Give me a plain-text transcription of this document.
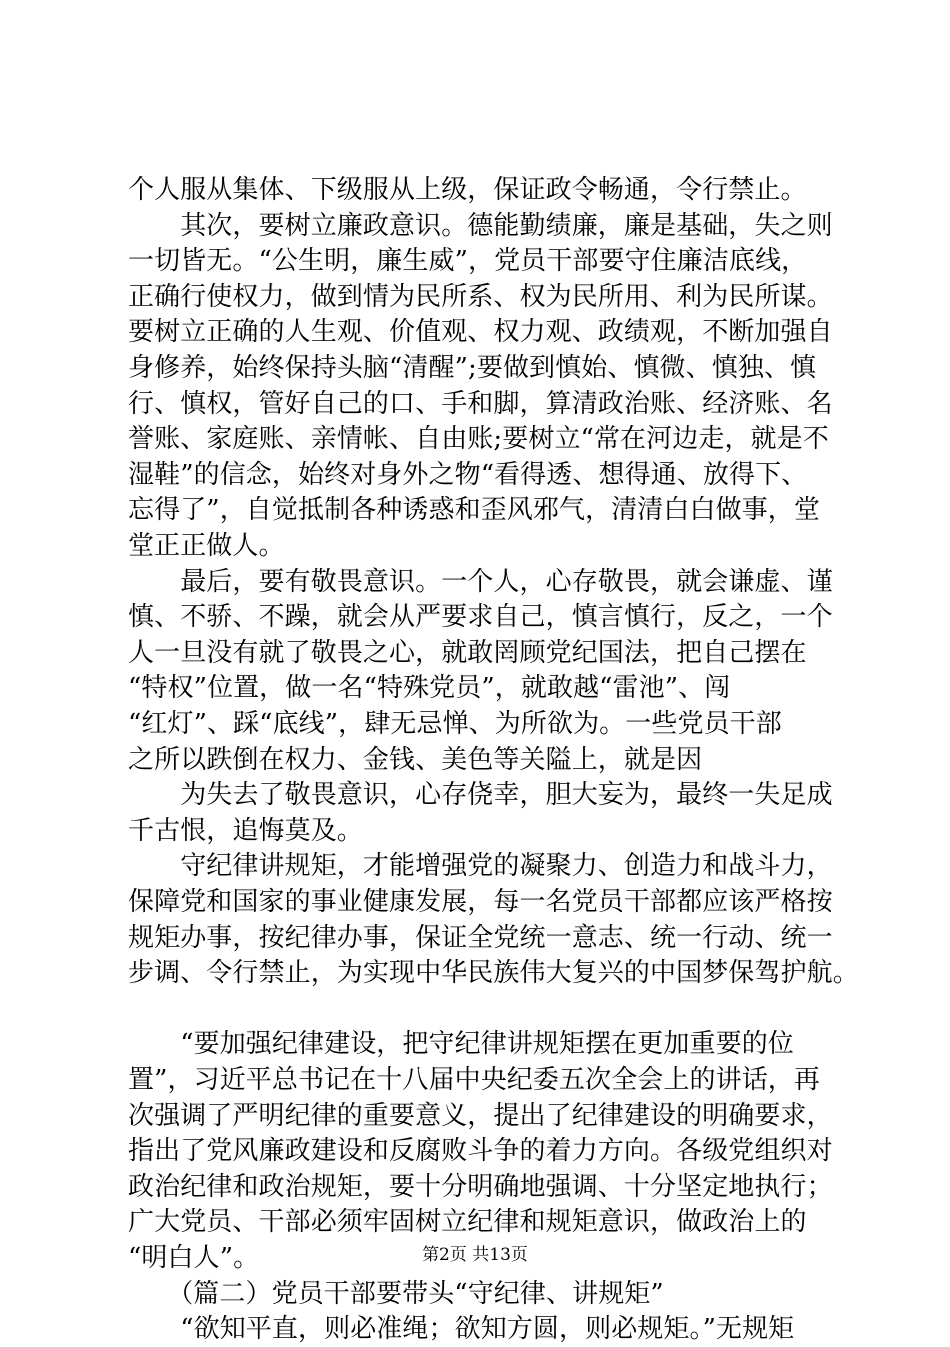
个人服从集体、下级服从上级，保证政令畅通，令行禁止。
　　其次，要树立廉政意识。德能勤绩廉，廉是基础，失之则
一切皆无。“公生明，廉生威”，党员干部要守住廉洁底线，
正确行使权力，做到情为民所系、权为民所用、利为民所谋。
要树立正确的人生观、价值观、权力观、政绩观，不断加强自
身修养，始终保持头脑“清醒”;要做到慎始、慎微、慎独、慎
行、慎权，管好自己的口、手和脚，算清政治账、经济账、名
誉账、家庭账、亲情帐、自由账;要树立“常在河边走，就是不
湿鞋”的信念，始终对身外之物“看得透、想得通、放得下、
忘得了”，自觉抵制各种诱惑和歪风邪气，清清白白做事，堂
堂正正做人。
　　最后，要有敬畏意识。一个人，心存敬畏，就会谦虚、谨
慎、不骄、不躁，就会从严要求自己，慎言慎行，反之，一个
人一旦没有就了敬畏之心，就敢罔顾党纪国法，把自己摆在
“特权”位置，做一名“特殊党员”，就敢越“雷池”、闯
“红灯”、踩“底线”，肆无忌惮、为所欲为。一些党员干部
之所以跌倒在权力、金钱、美色等关隘上，就是因
　　为失去了敬畏意识，心存侥幸，胆大妄为，最终一失足成
千古恨，追悔莫及。
　　守纪律讲规矩，才能增强党的凝聚力、创造力和战斗力，
保障党和国家的事业健康发展，每一名党员干部都应该严格按
规矩办事，按纪律办事，保证全党统一意志、统一行动、统一
步调、令行禁止，为实现中华民族伟大复兴的中国梦保驾护航。
　　“要加强纪律建设，把守纪律讲规矩摆在更加重要的位
置”，习近平总书记在十八届中央纪委五次全会上的讲话，再
次强调了严明纪律的重要意义，提出了纪律建设的明确要求，
指出了党风廉政建设和反腐败斗争的着力方向。各级党组织对
政治纪律和政治规矩，要十分明确地强调、十分坚定地执行；
广大党员、干部必须牢固树立纪律和规矩意识，做政治上的
“明白人”。
　　（篇二）党员干部要带头“守纪律、讲规矩”
　　“欲知平直，则必准绳；欲知方圆，则必规矩。”无规矩
第2页 共13页
